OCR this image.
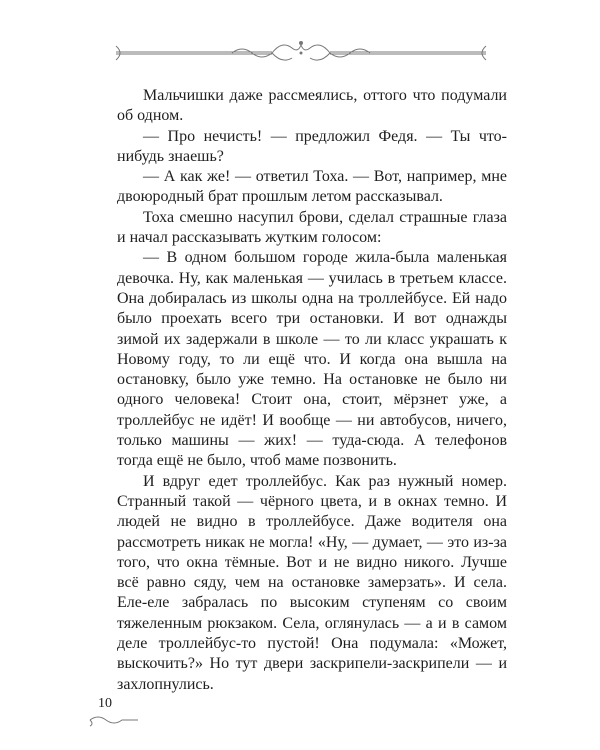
Мальчишки даже рассмеялись, оттого что подумали об одном.

— Про нечисть! — предложил Федя. — Ты что-нибудь знаешь?

— А как же! — ответил Тоха. — Вот, например, мне двоюродный брат прошлым летом рассказывал.

Тоха смешно насупил брови, сделал страшные глаза и начал рассказывать жутким голосом:

— В одном большом городе жила-была маленькая девочка. Ну, как маленькая — училась в третьем классе. Она добиралась из школы одна на троллейбусе. Ей надо было проехать всего три остановки. И вот однажды зимой их задержали в школе — то ли класс украшать к Новому году, то ли ещё что. И когда она вышла на остановку, было уже темно. На остановке не было ни одного человека! Стоит она, стоит, мёрзнет уже, а троллейбус не идёт! И вообще — ни автобусов, ничего, только машины — жих! — туда-сюда. А телефонов тогда ещё не было, чтоб маме позвонить.

И вдруг едет троллейбус. Как раз нужный номер. Странный такой — чёрного цвета, и в окнах темно. И людей не видно в троллейбусе. Даже водителя она рассмотреть никак не могла! «Ну, — думает, — это из-за того, что окна тёмные. Вот и не видно никого. Лучше всё равно сяду, чем на остановке замерзать». И села. Еле-еле забралась по высоким ступеням со своим тяжеленным рюкзаком. Села, оглянулась — а и в самом деле троллейбус-то пустой! Она подумала: «Может, выскочить?» Но тут двери заскрипели-заскрипели — и захлопнулись.

10
